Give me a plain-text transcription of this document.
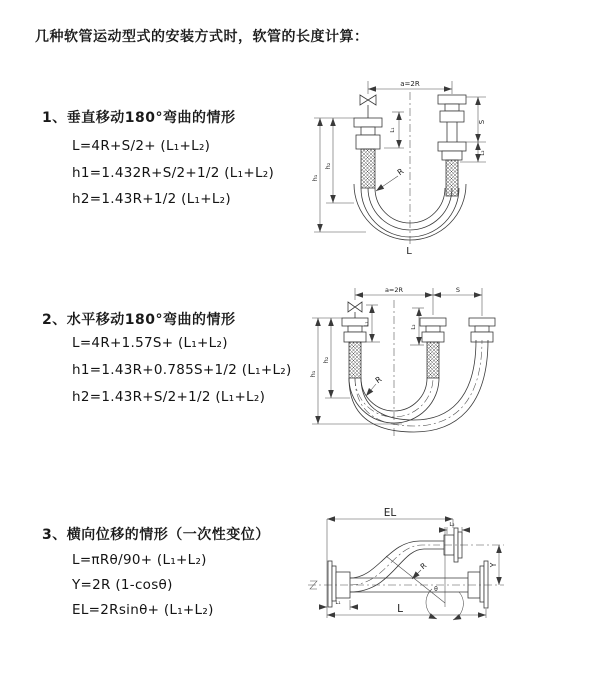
几种软管运动型式的安装方式时，软管的长度计算：
1、垂直移动180°弯曲的情形
L=4R+S/2+ (L₁+L₂)
h1=1.432R+S/2+1/2 (L₁+L₂)
h2=1.43R+1/2 (L₁+L₂)
2、水平移动180°弯曲的情形
L=4R+1.57S+ (L₁+L₂)
h1=1.43R+0.785S+1/2 (L₁+L₂)
h2=1.43R+S/2+1/2 (L₁+L₂)
3、横向位移的情形（一次性变位）
L=πRθ/90+ (L₁+L₂)
Y=2R (1-cosθ)
EL=2Rsinθ+ (L₁+L₂)
a=2R
S
L₂
h₁
h₂
L₁
R
L
a=2R	S
L₁
L₂
h₁
h₂
R
EL
L₂
Y
θ
R
L
L₁
